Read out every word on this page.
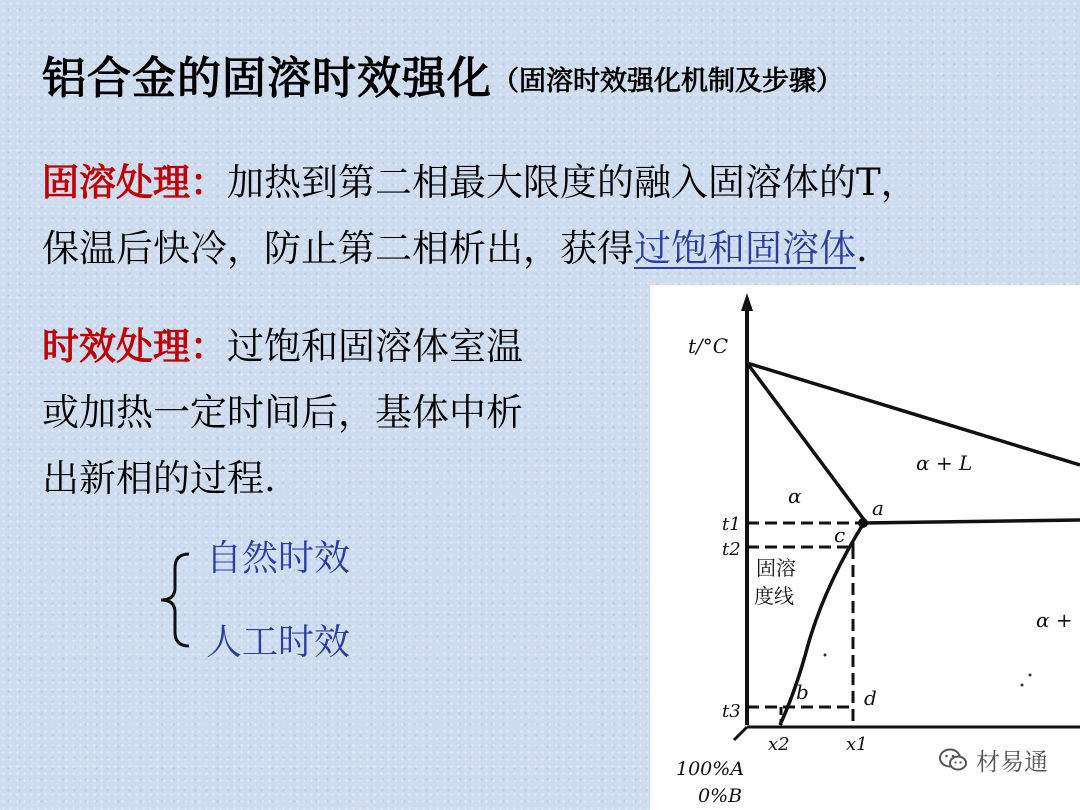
铝合金的固溶时效强化（固溶时效强化机制及步骤）
固溶处理：加热到第二相最大限度的融入固溶体的T，
保温后快冷，防止第二相析出，获得过饱和固溶体.
时效处理：过饱和固溶体室温
或加热一定时间后，基体中析
出新相的过程.
自然时效
人工时效
t/°C
t1
t2
t3
α
α + L
α +
a
c
b	d
固溶
度线
x2	x1
100%A
0%B
材易通
